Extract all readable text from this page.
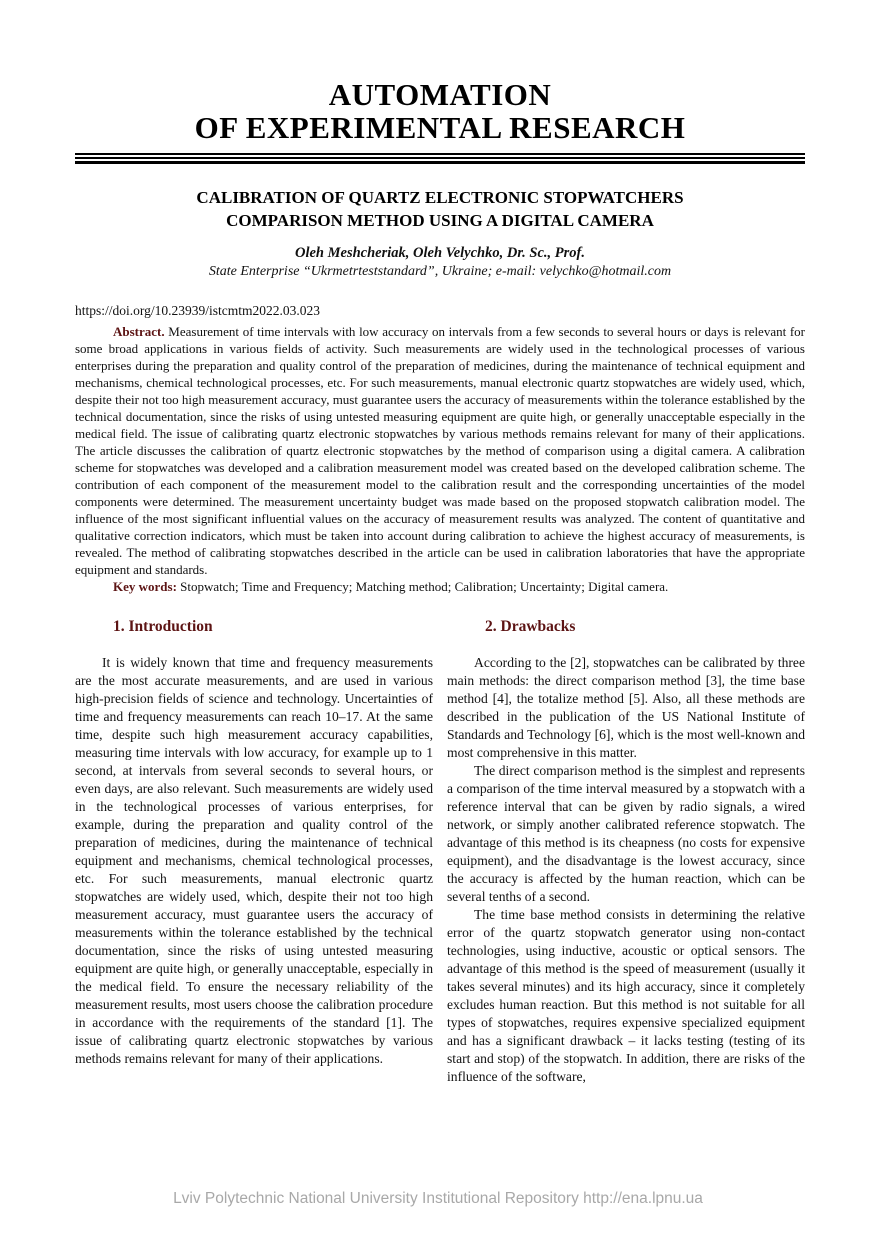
AUTOMATION
OF EXPERIMENTAL RESEARCH
CALIBRATION OF QUARTZ ELECTRONIC STOPWATCHERS
COMPARISON METHOD USING A DIGITAL CAMERA
Oleh Meshcheriak, Oleh Velychko, Dr. Sc., Prof.
State Enterprise “Ukrmetrteststandard”, Ukraine; e-mail: velychko@hotmail.com
https://doi.org/10.23939/istcmtm2022.03.023
Abstract. Measurement of time intervals with low accuracy on intervals from a few seconds to several hours or days is relevant for some broad applications in various fields of activity. Such measurements are widely used in the technological processes of various enterprises during the preparation and quality control of the preparation of medicines, during the maintenance of technical equipment and mechanisms, chemical technological processes, etc. For such measurements, manual electronic quartz stopwatches are widely used, which, despite their not too high measurement accuracy, must guarantee users the accuracy of measurements within the tolerance established by the technical documentation, since the risks of using untested measuring equipment are quite high, or generally unacceptable especially in the medical field. The issue of calibrating quartz electronic stopwatches by various methods remains relevant for many of their applications. The article discusses the calibration of quartz electronic stopwatches by the method of comparison using a digital camera. A calibration scheme for stopwatches was developed and a calibration measurement model was created based on the developed calibration scheme. The contribution of each component of the measurement model to the calibration result and the corresponding uncertainties of the model components were determined. The measurement uncertainty budget was made based on the proposed stopwatch calibration model. The influence of the most significant influential values on the accuracy of measurement results was analyzed. The content of quantitative and qualitative correction indicators, which must be taken into account during calibration to achieve the highest accuracy of measurements, is revealed. The method of calibrating stopwatches described in the article can be used in calibration laboratories that have the appropriate equipment and standards.
Key words: Stopwatch; Time and Frequency; Matching method; Calibration; Uncertainty; Digital camera.
1. Introduction

It is widely known that time and frequency measurements are the most accurate measurements, and are used in various high-precision fields of science and technology. Uncertainties of time and frequency measurements can reach 10–17. At the same time, despite such high measurement accuracy capabilities, measuring time intervals with low accuracy, for example up to 1 second, at intervals from several seconds to several hours, or even days, are also relevant. Such measurements are widely used in the technological processes of various enterprises, for example, during the preparation and quality control of the preparation of medicines, during the maintenance of technical equipment and mechanisms, chemical technological processes, etc. For such measurements, manual electronic quartz stopwatches are widely used, which, despite their not too high measurement accuracy, must guarantee users the accuracy of measurements within the tolerance established by the technical documentation, since the risks of using untested measuring equipment are quite high, or generally unacceptable, especially in the medical field. To ensure the necessary reliability of the measurement results, most users choose the calibration procedure in accordance with the requirements of the standard [1]. The issue of calibrating quartz electronic stopwatches by various methods remains relevant for many of their applications.

2. Drawbacks

According to the [2], stopwatches can be calibrated by three main methods: the direct comparison method [3], the time base method [4], the totalize method [5]. Also, all these methods are described in the publication of the US National Institute of Standards and Technology [6], which is the most well-known and most comprehensive in this matter.

The direct comparison method is the simplest and represents a comparison of the time interval measured by a stopwatch with a reference interval that can be given by radio signals, a wired network, or simply another calibrated reference stopwatch. The advantage of this method is its cheapness (no costs for expensive equipment), and the disadvantage is the lowest accuracy, since the accuracy is affected by the human reaction, which can be several tenths of a second.

The time base method consists in determining the relative error of the quartz stopwatch generator using non-contact technologies, using inductive, acoustic or optical sensors. The advantage of this method is the speed of measurement (usually it takes several minutes) and its high accuracy, since it completely excludes human reaction. But this method is not suitable for all types of stopwatches, requires expensive specialized equipment and has a significant drawback – it lacks testing (testing of its start and stop) of the stopwatch. In addition, there are risks of the influence of the software,

Lviv Polytechnic National University Institutional Repository http://ena.lpnu.ua
